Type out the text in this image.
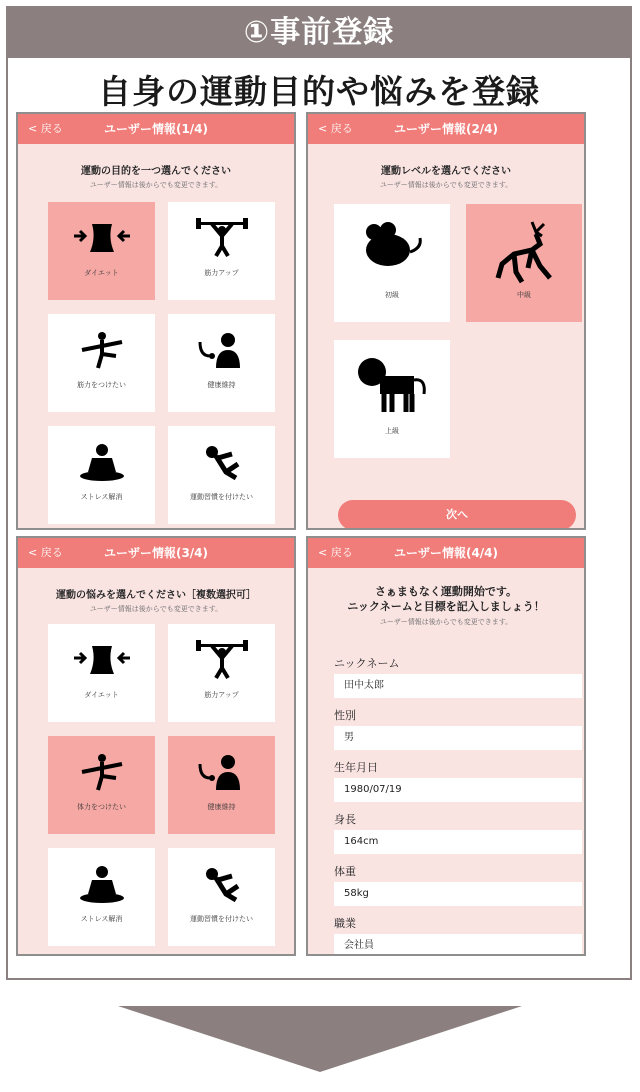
①事前登録
自身の運動目的や悩みを登録
< 戻る	ユーザー情報(1/4)
運動の目的を一つ選んでください
ユーザー情報は後からでも変更できます。
ダイエット	筋力アップ
筋力をつけたい	健康維持
ストレス解消	運動習慣を付けたい
< 戻る	ユーザー情報(2/4)
運動レベルを選んでください
ユーザー情報は後からでも変更できます。
初級	中級
上級
次へ
< 戻る	ユーザー情報(3/4)
運動の悩みを選んでください［複数選択可］
ユーザー情報は後からでも変更できます。
ダイエット	筋力アップ
体力をつけたい	健康維持
ストレス解消	運動習慣を付けたい
< 戻る	ユーザー情報(4/4)
さぁまもなく運動開始です。
ニックネームと目標を記入しましょう！
ユーザー情報は後からでも変更できます。
ニックネーム
田中太郎
性別
男
生年月日
1980/07/19
身長
164cm
体重
58kg
職業
会社員
